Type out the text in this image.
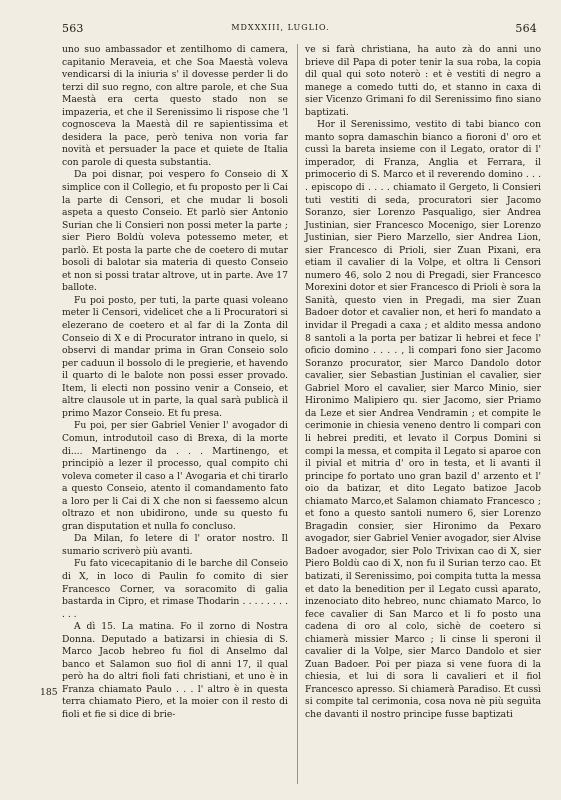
563	MDXXXIII, LUGLIO.	564

uno suo ambassador et zentilhomo di camera, capitanio Meraveia, et che Soa Maestà voleva vendicarsi di la iniuria s' il dovesse perder li do terzi dil suo regno, con altre parole, et che Sua Maestà era certa questo stado non se impazeria, et che il Serenissimo li rispose che 'l cognosceva la Maestà dil re sapientissima et desidera la pace, però teniva non voria far novità et persuader la pace et quiete de Italia con parole di questa substantia.

Da poi disnar, poi vespero fo Conseio di X simplice con il Collegio, et fu proposto per li Cai la parte di Censori, et che mudar li bosoli aspeta a questo Conseio. Et parlò sier Antonio Surian che li Consieri non possi meter la parte ; sier Piero Boldù voleva potessemo meter, et parlò. Et posta la parte che de coetero di mutar bosoli di balotar sia materia di questo Conseio et non si possi tratar altrove, ut in parte. Ave 17 ballote.

Fu poi posto, per tuti, la parte quasi voleano meter li Censori, videlicet che a li Procuratori si elezerano de coetero et al far di la Zonta dil Conseio di X e di Procurator intrano in quelo, si observi di mandar prima in Gran Conseio solo per caduun il bossolo di le pregierie, et havendo il quarto di le balote non possi esser provado. Item, li electi non possino venir a Conseio, et altre clausole ut in parte, la qual sarà publicà il primo Mazor Conseio. Et fu presa.

Fu poi, per sier Gabriel Venier l' avogador di Comun, introdutoil caso di Brexa, di la morte di.... Martinengo da . . . Martinengo, et principiò a lezer il processo, qual compito chi voleva cometer il caso a l' Avogaria et chi tirarlo a questo Conseio, atento il comandamento fato a loro per li Cai di X che non si faessemo alcun oltrazo et non ubidirono, unde su questo fu gran disputation et nulla fo concluso.

Da Milan, fo letere di l' orator nostro. Il sumario scriverò più avanti.

Fu fato vicecapitanio di le barche dil Conseio di X, in loco di Paulin fo comito di sier Francesco Corner, va soracomito di galia bastarda in Cipro, et rimase Thodarin . . . . . . . . . . .

A dì 15. La matina. Fo il zorno di Nostra Donna. Deputado a batizarsi in chiesia di S. Marco Jacob hebreo fu fiol di Anselmo dal banco et Salamon suo fiol di anni 17, il qual però ha do altri fioli fati christiani, et uno è in Franza chiamato Paulo . . . l' altro è in questa terra chiamato Piero, et la moier con il resto di fioli et fie si dice di brie-

ve si farà christiana, ha auto zà do anni uno brieve dil Papa di poter tenir la sua roba, la copia dil qual qui soto noterò : et è vestiti di negro a manege a comedo tutti do, et stanno in caxa di sier Vicenzo Grimani fo dil Serenissimo fino siano baptizati.

Hor il Serenissimo, vestito di tabi bianco con manto sopra damaschin bianco a fioroni d' oro et cussì la bareta insieme con il Legato, orator di l' imperador, di Franza, Anglia et Ferrara, il primocerio di S. Marco et il reverendo domino . . . . episcopo di . . . . chiamato il Gergeto, li Consieri tuti vestiti di seda, procuratori sier Jacomo Soranzo, sier Lorenzo Pasqualigo, sier Andrea Justinian, sier Francesco Mocenigo, sier Lorenzo Justinian, sier Piero Marzello, sier Andrea Lion, sier Francesco di Prioli, sier Zuan Pixani, era etiam il cavalier di la Volpe, et oltra li Censori numero 46, solo 2 nou di Pregadi, sier Francesco Morexini dotor et sier Francesco di Prioli è sora la Sanità, questo vien in Pregadi, ma sier Zuan Badoer dotor et cavalier non, et heri fo mandato a invidar il Pregadi a caxa ; et aldito messa andono 8 santoli a la porta per batizar li hebrei et fece l' oficio domino . . . . , li compari fono sier Jacomo Soranzo procurator, sier Marco Dandolo dotor cavalier, sier Sebastian Justinian el cavalier, sier Gabriel Moro el cavalier, sier Marco Minio, sier Hironimo Malipiero qu. sier Jacomo, sier Priamo da Leze et sier Andrea Vendramin ; et compite le cerimonie in chiesia veneno dentro li compari con li hebrei prediti, et levato il Corpus Domini si compi la messa, et compita il Legato si aparoe con il pivial et mitria d' oro in testa, et li avanti il principe fo portato uno gran bazil d' arzento et l' oio da batizar, et dito Legato batizoe Jacob chiamato Marco,et Salamon chiamato Francesco ; et fono a questo santoli numero 6, sier Lorenzo Bragadin consier, sier Hironimo da Pexaro avogador, sier Gabriel Venier avogador, sier Alvise Badoer avogador, sier Polo Trivixan cao di X, sier Piero Boldù cao di X, non fu il Surian terzo cao. Et batizati, il Serenissimo, poi compita tutta la messa et dato la benedition per il Legato cussì aparato, inzenociato dito hebreo, nunc chiamato Marco, lo fece cavalier di San Marco et li fo posto una cadena di oro al colo, sichè de coetero si chiamerà missier Marco ; li cinse li speroni il cavalier di la Volpe, sier Marco Dandolo et sier Zuan Badoer. Poi per piaza si vene fuora di la chiesia, et lui di sora li cavalieri et il fiol Francesco apresso. Si chiamerà Paradiso. Et cussì si compite tal cerimonia, cosa nova nè più seguìta che davanti il nostro principe fusse baptizati

185
